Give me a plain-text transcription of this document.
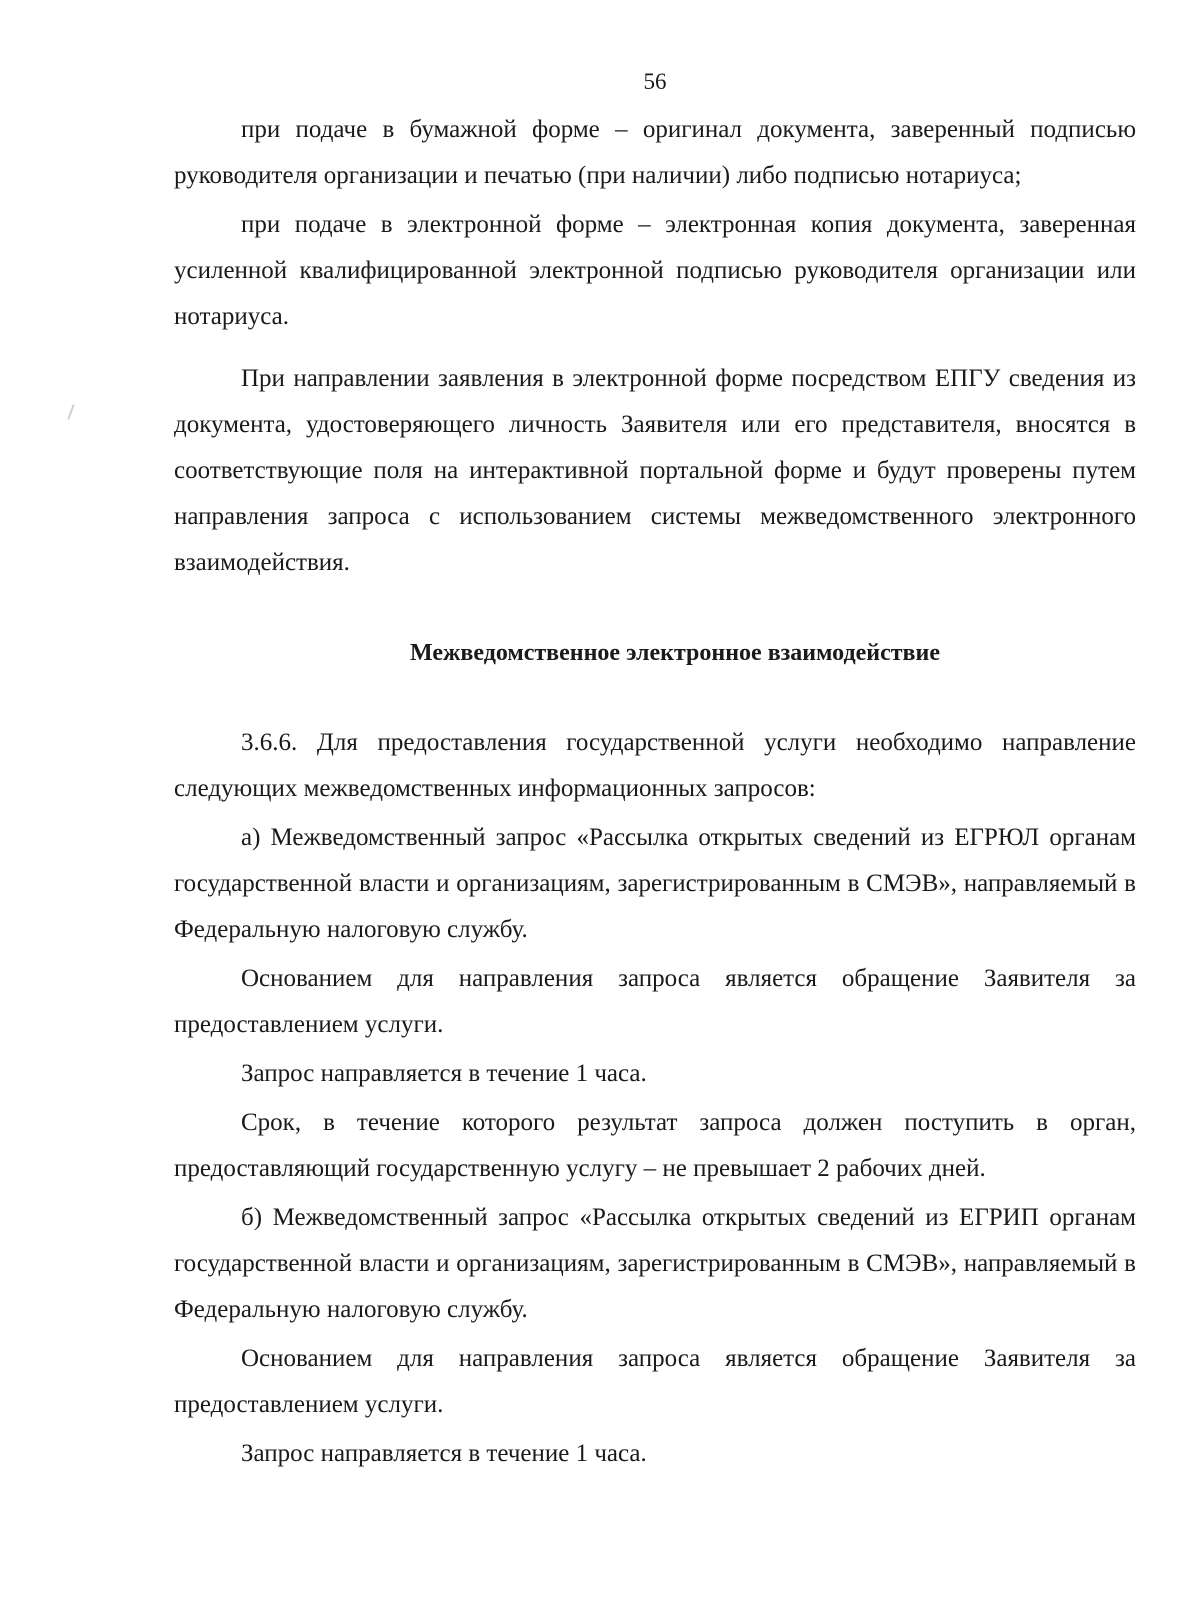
56

при подаче в бумажной форме – оригинал документа, заверенный подписью руководителя организации и печатью (при наличии) либо подписью нотариуса;

при подаче в электронной форме – электронная копия документа, заверенная усиленной квалифицированной электронной подписью руководителя организации или нотариуса.

При направлении заявления в электронной форме посредством ЕПГУ сведения из документа, удостоверяющего личность Заявителя или его представителя, вносятся в соответствующие поля на интерактивной портальной форме и будут проверены путем направления запроса с использованием системы межведомственного электронного взаимодействия.

Межведомственное электронное взаимодействие

3.6.6. Для предоставления государственной услуги необходимо направление следующих межведомственных информационных запросов:

а) Межведомственный запрос «Рассылка открытых сведений из ЕГРЮЛ органам государственной власти и организациям, зарегистрированным в СМЭВ», направляемый в Федеральную налоговую службу.

Основанием для направления запроса является обращение Заявителя за предоставлением услуги.

Запрос направляется в течение 1 часа.

Срок, в течение которого результат запроса должен поступить в орган, предоставляющий государственную услугу – не превышает 2 рабочих дней.

б) Межведомственный запрос «Рассылка открытых сведений из ЕГРИП органам государственной власти и организациям, зарегистрированным в СМЭВ», направляемый в Федеральную налоговую службу.

Основанием для направления запроса является обращение Заявителя за предоставлением услуги.

Запрос направляется в течение 1 часа.
